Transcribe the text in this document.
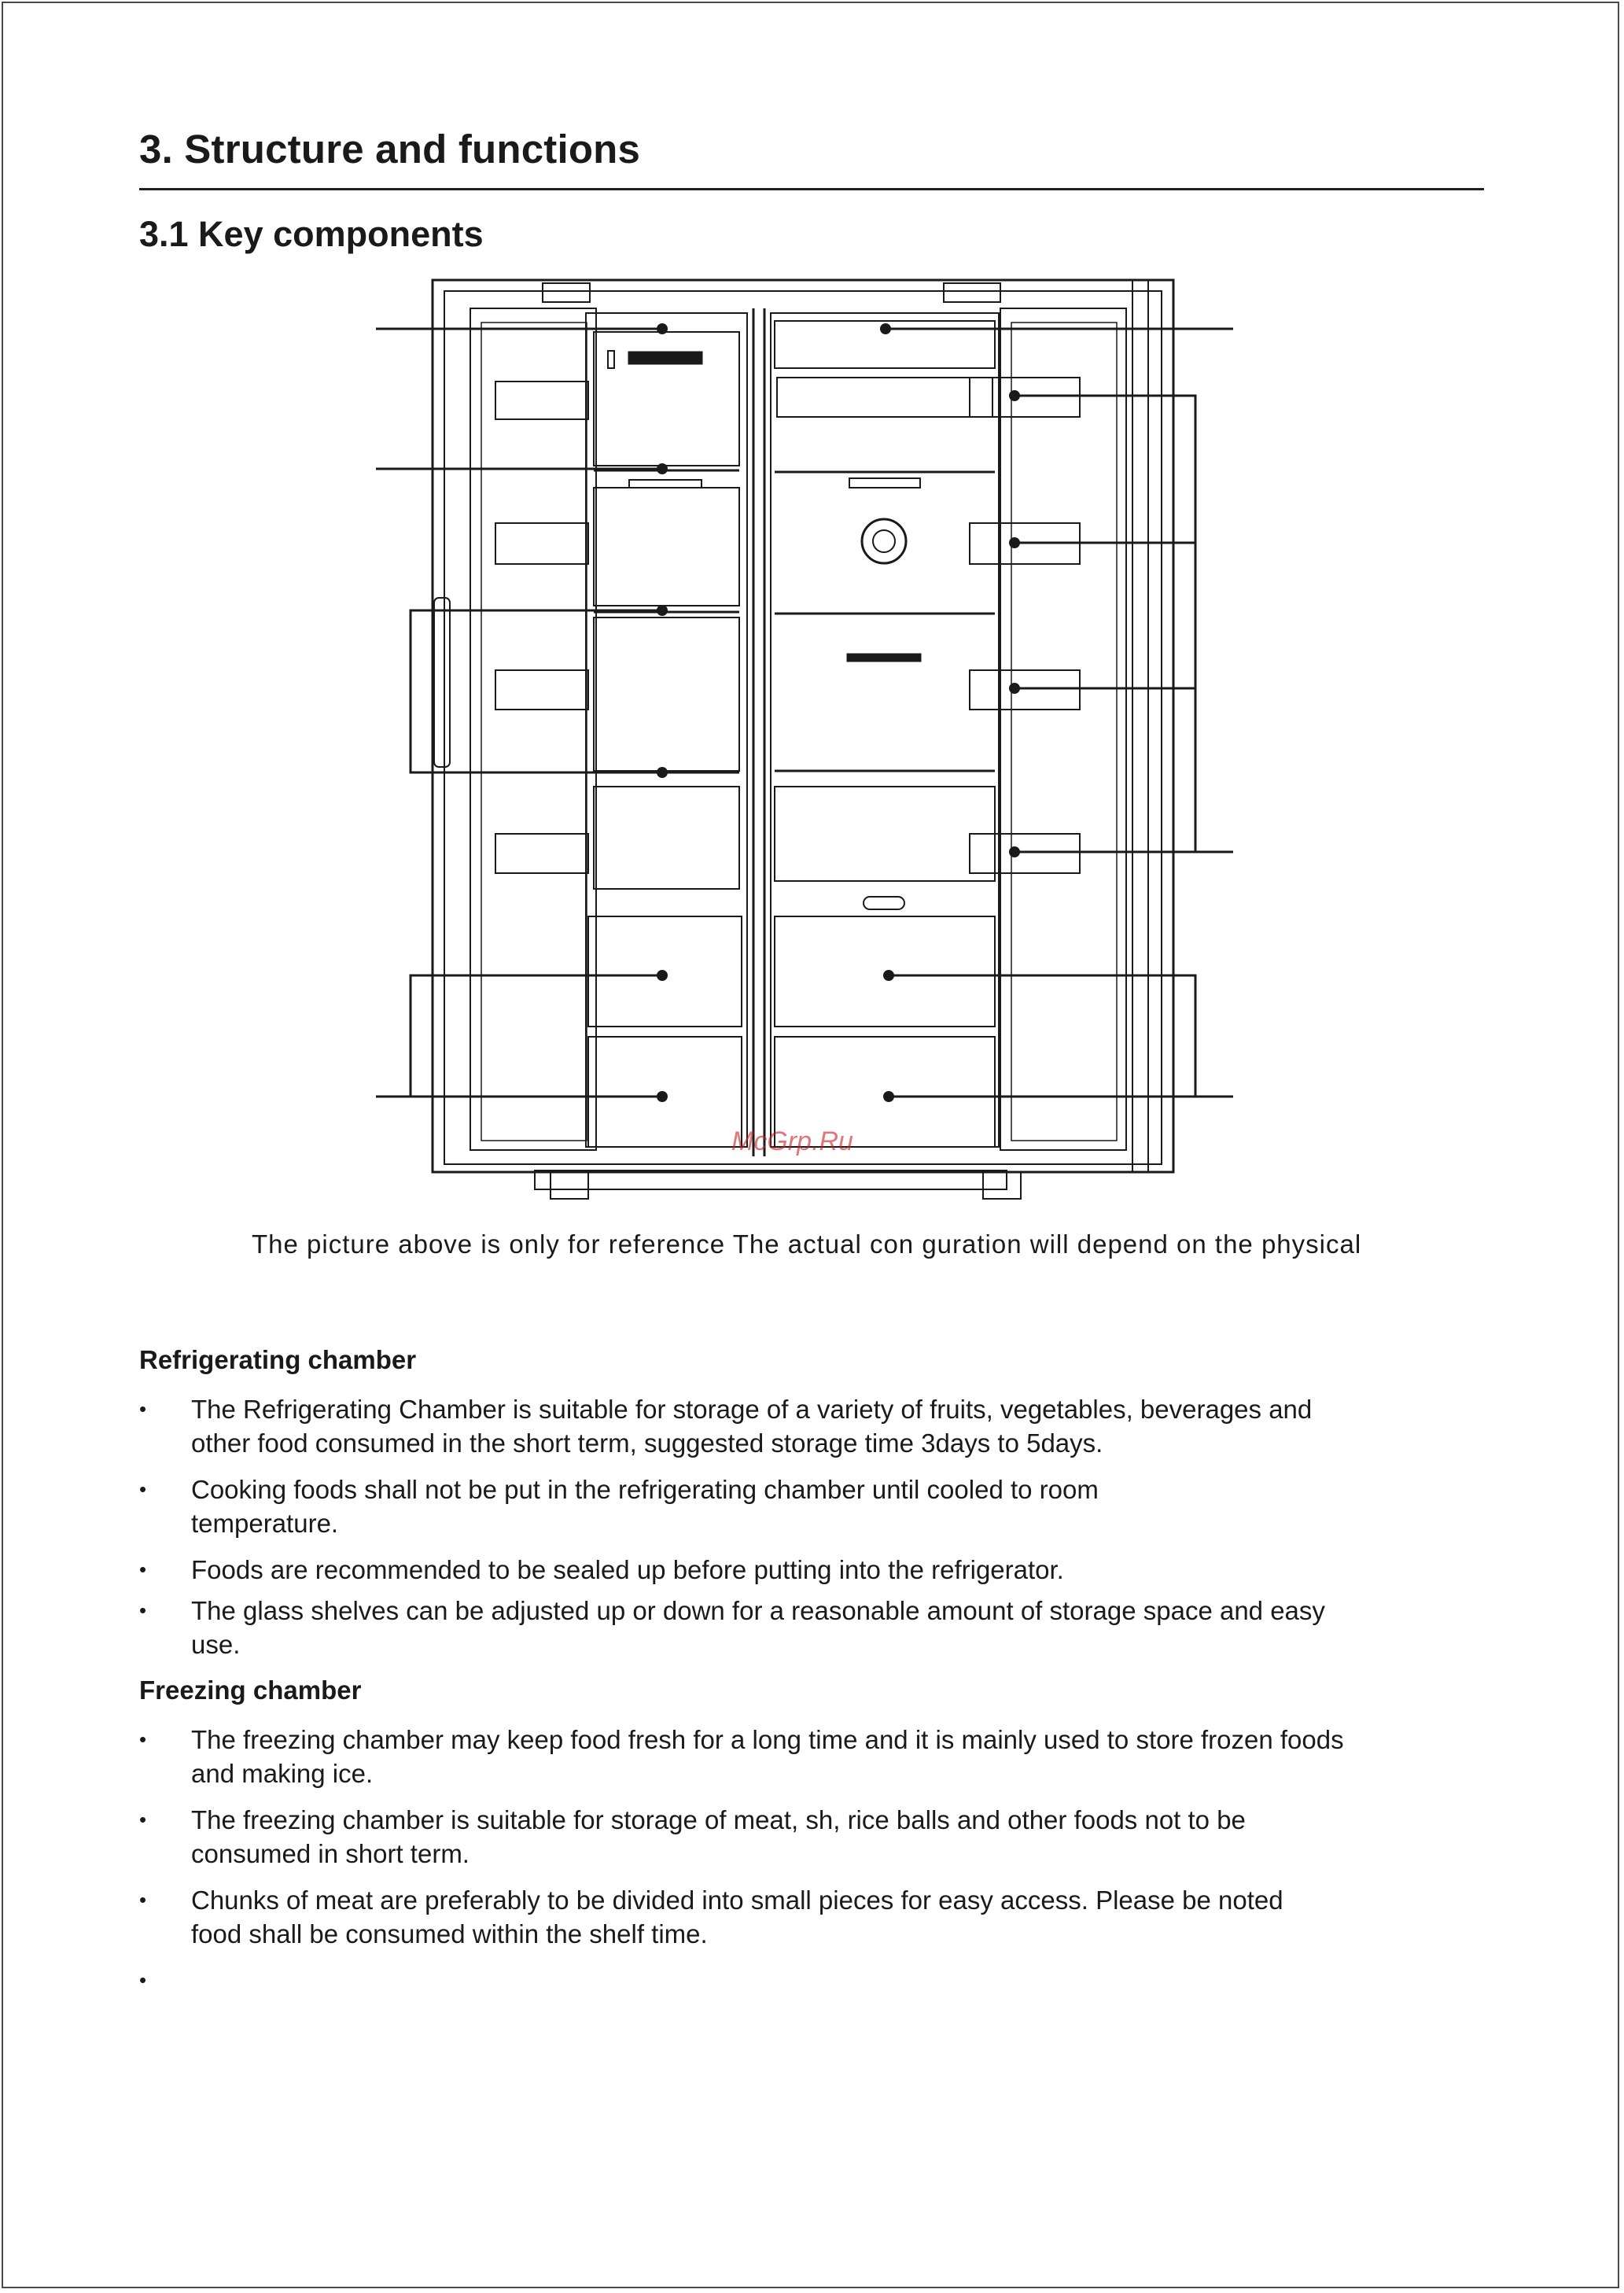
3. Structure and functions
3.1 Key components
McGrp.Ru
The picture above is only for reference The actual con guration will depend on the physical
Refrigerating chamber
•	The Refrigerating Chamber is suitable for storage of a variety of fruits, vegetables, beverages and other food consumed in the short term, suggested storage time 3days to 5days.
•	Cooking foods shall not be put in the refrigerating chamber until cooled to room temperature.
•	Foods are recommended to be sealed up before putting into the refrigerator.
•	The glass shelves can be adjusted up or down for a reasonable amount of storage space and easy use.
Freezing chamber
•	The freezing chamber may keep food fresh for a long time and it is mainly used to store frozen foods and making ice.
•	The freezing chamber is suitable for storage of meat, sh, rice balls and other foods not to be consumed in short term.
•	Chunks of meat are preferably to be divided into small pieces for easy access. Please be noted food shall be consumed within the shelf time.
•
